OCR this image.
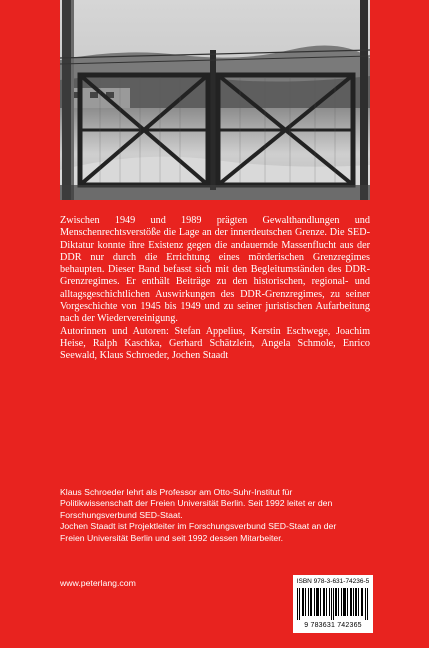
Zwischen 1949 und 1989 prägten Gewalthandlungen und Menschenrechtsverstöße die Lage an der innerdeutschen Grenze. Die SED-Diktatur konnte ihre Existenz gegen die andauernde Massenflucht aus der DDR nur durch die Errichtung eines mörderischen Grenzregimes behaupten. Dieser Band befasst sich mit den Begleitumständen des DDR-Grenzregimes. Er enthält Beiträge zu den historischen, regional- und alltagsgeschichtlichen Auswirkungen des DDR-Grenzregimes, zu seiner Vorgeschichte von 1945 bis 1949 und zu seiner juristischen Aufarbeitung nach der Wiedervereinigung.

Autorinnen und Autoren: Stefan Appelius, Kerstin Eschwege, Joachim Heise, Ralph Kaschka, Gerhard Schätzlein, Angela Schmole, Enrico Seewald, Klaus Schroeder, Jochen Staadt

Klaus Schroeder lehrt als Professor am Otto-Suhr-Institut für Politikwissenschaft der Freien Universität Berlin. Seit 1992 leitet er den Forschungsverbund SED-Staat.

Jochen Staadt ist Projektleiter im Forschungsverbund SED-Staat an der Freien Universität Berlin und seit 1992 dessen Mitarbeiter.

www.peterlang.com	ISBN 978-3-631-74236-5
9 783631 742365
